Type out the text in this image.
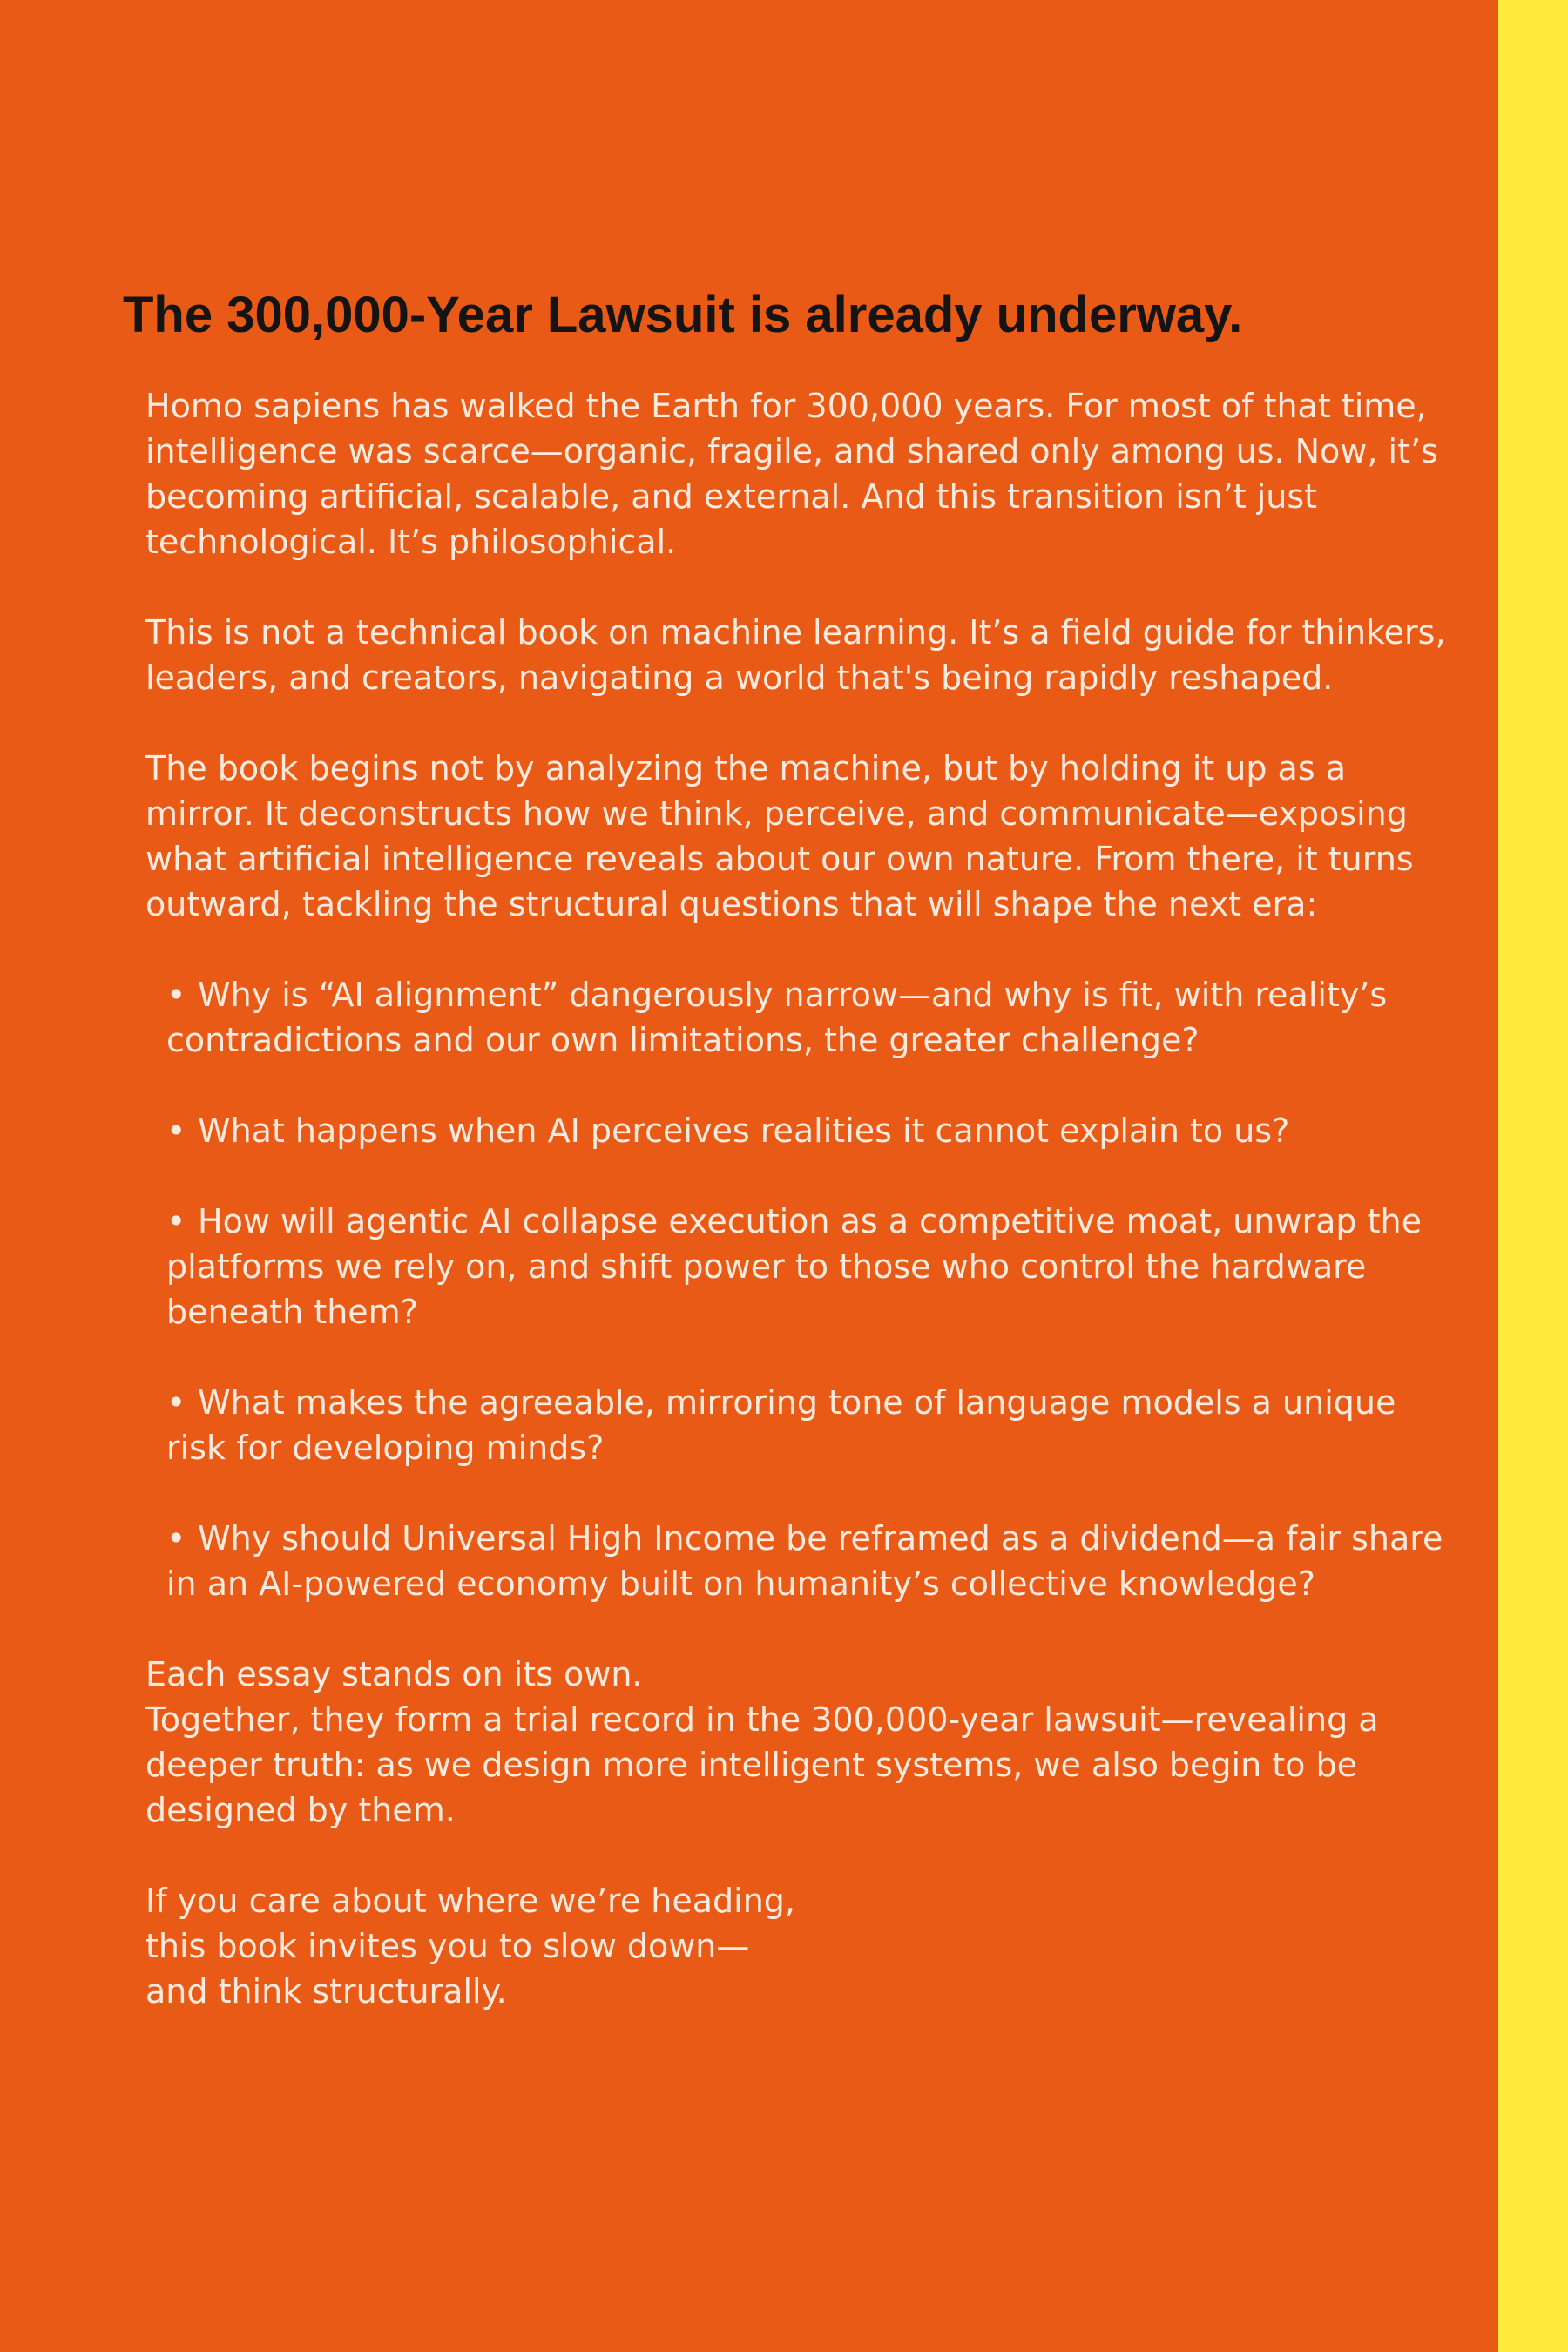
The 300,000-Year Lawsuit is already underway.

Homo sapiens has walked the Earth for 300,000 years. For most of that time, intelligence was scarce—organic, fragile, and shared only among us. Now, it’s becoming artificial, scalable, and external. And this transition isn’t just technological. It’s philosophical.

This is not a technical book on machine learning. It’s a field guide for thinkers, leaders, and creators, navigating a world that's being rapidly reshaped.

The book begins not by analyzing the machine, but by holding it up as a mirror. It deconstructs how we think, perceive, and communicate—exposing what artificial intelligence reveals about our own nature. From there, it turns outward, tackling the structural questions that will shape the next era:

• Why is “AI alignment” dangerously narrow—and why is fit, with reality’s contradictions and our own limitations, the greater challenge?
• What happens when AI perceives realities it cannot explain to us?
• How will agentic AI collapse execution as a competitive moat, unwrap the platforms we rely on, and shift power to those who control the hardware beneath them?
• What makes the agreeable, mirroring tone of language models a unique risk for developing minds?
• Why should Universal High Income be reframed as a dividend—a fair share in an AI-powered economy built on humanity’s collective knowledge?

Each essay stands on its own.
Together, they form a trial record in the 300,000-year lawsuit—revealing a deeper truth: as we design more intelligent systems, we also begin to be designed by them.

If you care about where we’re heading,
this book invites you to slow down—
and think structurally.
